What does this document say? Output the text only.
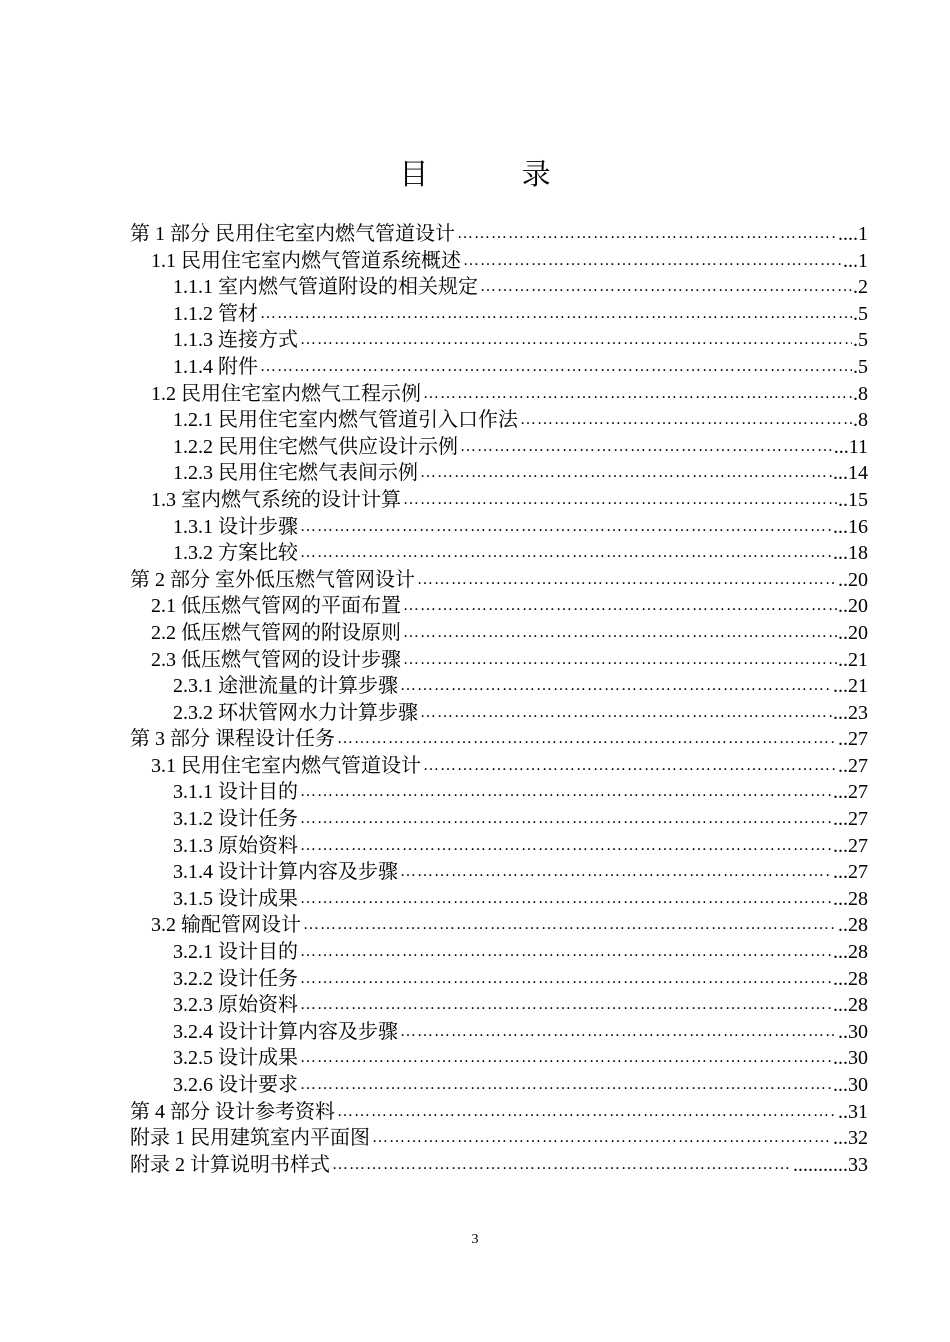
目 录
第 1 部分 民用住宅室内燃气管道设计 ……………………………………………………………………………………………………………………………………………………………………	....1
1.1 民用住宅室内燃气管道系统概述 ……………………………………………………………………………………………………………………………………………………………………	...1
1.1.1 室内燃气管道附设的相关规定 ……………………………………………………………………………………………………………………………………………………………………	.2
1.1.2 管材 ……………………………………………………………………………………………………………………………………………………………………	.5
1.1.3 连接方式 ……………………………………………………………………………………………………………………………………………………………………	.5
1.1.4 附件 ……………………………………………………………………………………………………………………………………………………………………	.5
1.2 民用住宅室内燃气工程示例 ……………………………………………………………………………………………………………………………………………………………………	.8
1.2.1 民用住宅室内燃气管道引入口作法 ……………………………………………………………………………………………………………………………………………………………………	.8
1.2.2 民用住宅燃气供应设计示例 ……………………………………………………………………………………………………………………………………………………………………	...11
1.2.3 民用住宅燃气表间示例 ……………………………………………………………………………………………………………………………………………………………………	...14
1.3 室内燃气系统的设计计算 ……………………………………………………………………………………………………………………………………………………………………	..15
1.3.1 设计步骤 ……………………………………………………………………………………………………………………………………………………………………	...16
1.3.2 方案比较 ……………………………………………………………………………………………………………………………………………………………………	...18
第 2 部分 室外低压燃气管网设计 ……………………………………………………………………………………………………………………………………………………………………	..20
2.1 低压燃气管网的平面布置 ……………………………………………………………………………………………………………………………………………………………………	..20
2.2 低压燃气管网的附设原则 ……………………………………………………………………………………………………………………………………………………………………	..20
2.3 低压燃气管网的设计步骤 ……………………………………………………………………………………………………………………………………………………………………	..21
2.3.1 途泄流量的计算步骤 ……………………………………………………………………………………………………………………………………………………………………	...21
2.3.2 环状管网水力计算步骤 ……………………………………………………………………………………………………………………………………………………………………	...23
第 3 部分 课程设计任务 ……………………………………………………………………………………………………………………………………………………………………	..27
3.1 民用住宅室内燃气管道设计 ……………………………………………………………………………………………………………………………………………………………………	..27
3.1.1 设计目的 ……………………………………………………………………………………………………………………………………………………………………	...27
3.1.2 设计任务 ……………………………………………………………………………………………………………………………………………………………………	...27
3.1.3 原始资料 ……………………………………………………………………………………………………………………………………………………………………	...27
3.1.4 设计计算内容及步骤 ……………………………………………………………………………………………………………………………………………………………………	...27
3.1.5 设计成果 ……………………………………………………………………………………………………………………………………………………………………	...28
3.2 输配管网设计 ……………………………………………………………………………………………………………………………………………………………………	..28
3.2.1 设计目的 ……………………………………………………………………………………………………………………………………………………………………	...28
3.2.2 设计任务 ……………………………………………………………………………………………………………………………………………………………………	...28
3.2.3 原始资料 ……………………………………………………………………………………………………………………………………………………………………	...28
3.2.4 设计计算内容及步骤 ……………………………………………………………………………………………………………………………………………………………………	..30
3.2.5 设计成果 ……………………………………………………………………………………………………………………………………………………………………	...30
3.2.6 设计要求 ……………………………………………………………………………………………………………………………………………………………………	...30
第 4 部分 设计参考资料 ……………………………………………………………………………………………………………………………………………………………………	..31
附录 1 民用建筑室内平面图 ……………………………………………………………………………………………………………………………………………………………………	...32
附录 2 计算说明书样式 ……………………………………………………………………………………………………………………………………………………………………	...........33
3
